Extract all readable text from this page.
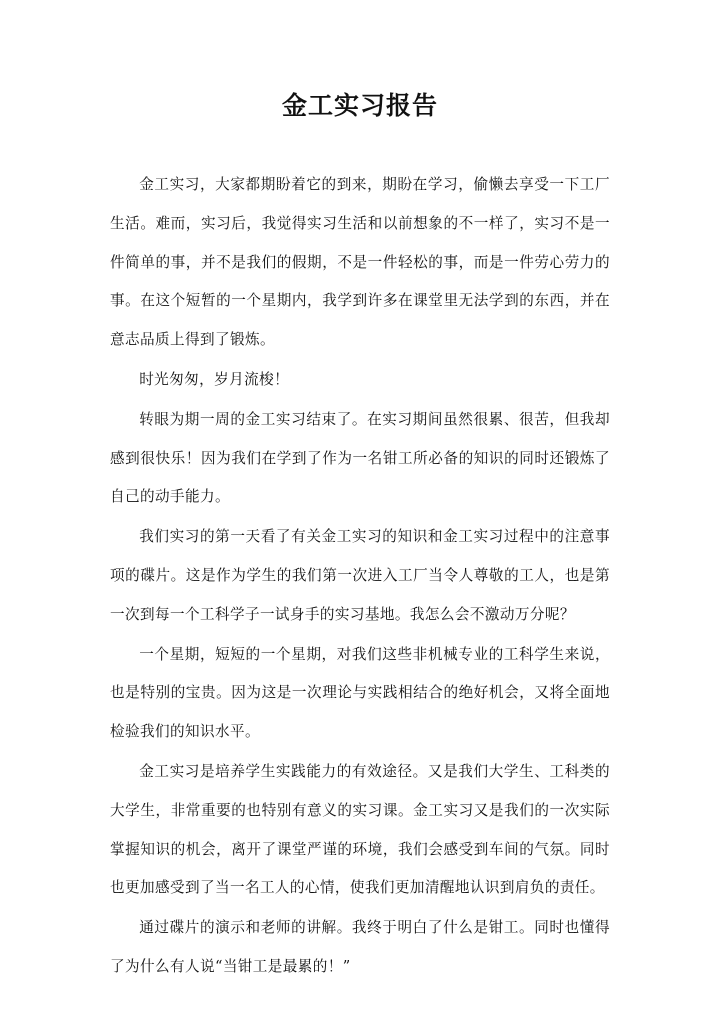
金工实习报告

金工实习，大家都期盼着它的到来，期盼在学习，偷懒去享受一下工厂生活。难而，实习后，我觉得实习生活和以前想象的不一样了，实习不是一件简单的事，并不是我们的假期，不是一件轻松的事，而是一件劳心劳力的事。在这个短暂的一个星期内，我学到许多在课堂里无法学到的东西，并在意志品质上得到了锻炼。

时光匆匆，岁月流梭！

转眼为期一周的金工实习结束了。在实习期间虽然很累、很苦，但我却感到很快乐！因为我们在学到了作为一名钳工所必备的知识的同时还锻炼了自己的动手能力。

我们实习的第一天看了有关金工实习的知识和金工实习过程中的注意事项的碟片。这是作为学生的我们第一次进入工厂当令人尊敬的工人，也是第一次到每一个工科学子一试身手的实习基地。我怎么会不激动万分呢？

一个星期，短短的一个星期，对我们这些非机械专业的工科学生来说，也是特别的宝贵。因为这是一次理论与实践相结合的绝好机会，又将全面地检验我们的知识水平。

金工实习是培养学生实践能力的有效途径。又是我们大学生、工科类的大学生，非常重要的也特别有意义的实习课。金工实习又是我们的一次实际掌握知识的机会，离开了课堂严谨的环境，我们会感受到车间的气氛。同时也更加感受到了当一名工人的心情，使我们更加清醒地认识到肩负的责任。

通过碟片的演示和老师的讲解。我终于明白了什么是钳工。同时也懂得了为什么有人说“当钳工是最累的！”
